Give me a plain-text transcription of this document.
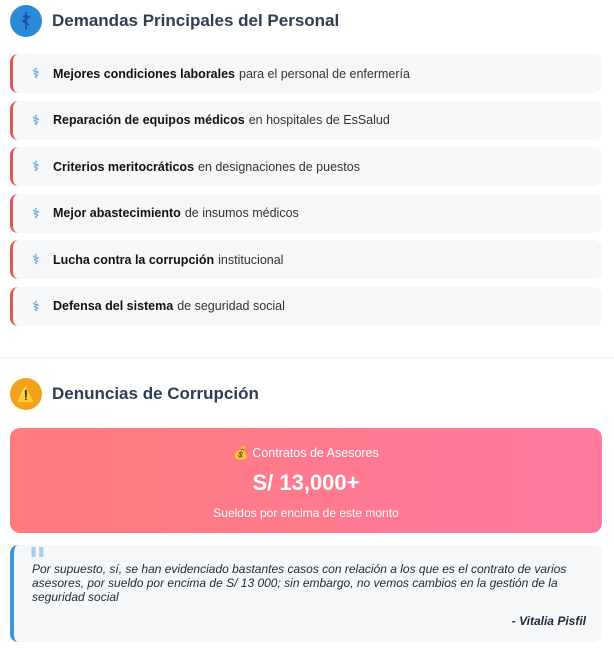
Demandas Principales del Personal
⚕ Mejores condiciones laborales para el personal de enfermería
⚕ Reparación de equipos médicos en hospitales de EsSalud
⚕ Criterios meritocráticos en designaciones de puestos
⚕ Mejor abastecimiento de insumos médicos
⚕ Lucha contra la corrupción institucional
⚕ Defensa del sistema de seguridad social
⚠️ Denuncias de Corrupción
💰 Contratos de Asesores
S/ 13,000+
Sueldos por encima de este monto
"
Por supuesto, sí, se han evidenciado bastantes casos con relación a los que es el contrato de varios asesores, por sueldo por encima de S/ 13 000; sin embargo, no vemos cambios en la gestión de la seguridad social
- Vitalia Pisfil
